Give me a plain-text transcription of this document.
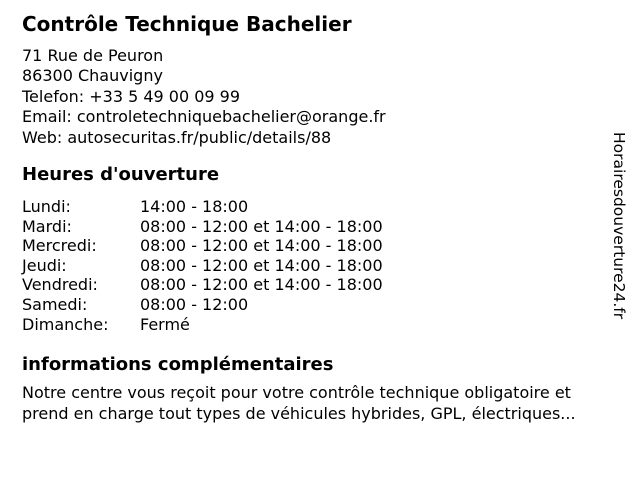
Contrôle Technique Bachelier
71 Rue de Peuron
86300 Chauvigny
Telefon: +33 5 49 00 09 99
Email: controletechniquebachelier@orange.fr
Web: autosecuritas.fr/public/details/88
Heures d'ouverture
Lundi:	14:00 - 18:00
Mardi:	08:00 - 12:00 et 14:00 - 18:00
Mercredi:	08:00 - 12:00 et 14:00 - 18:00
Jeudi:	08:00 - 12:00 et 14:00 - 18:00
Vendredi:	08:00 - 12:00 et 14:00 - 18:00
Samedi:	08:00 - 12:00
Dimanche:	Fermé
informations complémentaires

Notre centre vous reçoit pour votre contrôle technique obligatoire et prend en charge tout types de véhicules hybrides, GPL, électriques...

Horairesdouverture24.fr
